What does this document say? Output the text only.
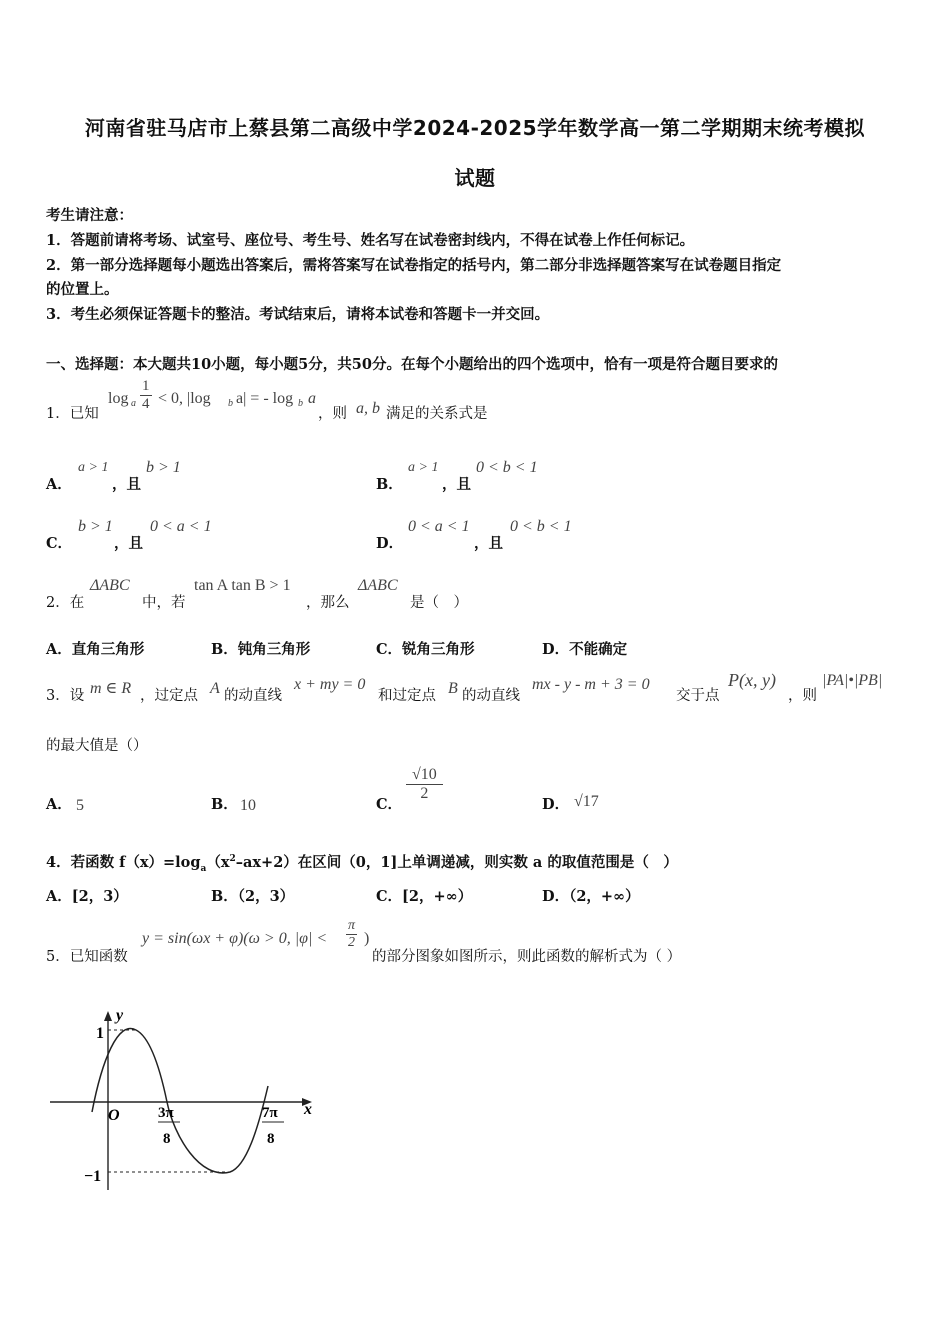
河南省驻马店市上蔡县第二高级中学2024-2025学年数学高一第二学期期末统考模拟
试题
考生请注意：
1．答题前请将考场、试室号、座位号、考生号、姓名写在试卷密封线内，不得在试卷上作任何标记。
2．第一部分选择题每小题选出答案后，需将答案写在试卷指定的括号内，第二部分非选择题答案写在试卷题目指定
的位置上。
3．考生必须保证答题卡的整洁。考试结束后，请将本试卷和答题卡一并交回。
一、选择题：本大题共10小题，每小题5分，共50分。在每个小题给出的四个选项中，恰有一项是符合题目要求的
1．已知
log a $\frac{1}{4} < 0$, |log b a| = - log b a
，则 a, b 满足的关系式是
A．
a > 1
，且
b > 1
B．
a > 1
，且
0 < b < 1
C．
b > 1
，且
0 < a < 1
D．
0 < a < 1
，且
0 < b < 1
2．在
ΔABC
中，若
tan A tan B > 1
，那么
ΔABC
是（　）
A．直角三角形	B．钝角三角形	C．锐角三角形	D．不能确定
3．设 m ∈ R ，过定点 A 的动直线
x + my = 0
和过定点 B 的动直线
mx - y - m + 3 = 0
交于点
P(x, y)
，则
|PA|•|PB|
的最大值是（）
A． 5	B． 10	C．
$\frac{√10}{2}$
D． √17
4．若函数 $f(x)=\log_a(x^2-ax+2)$在区间（0，1]上单调递减，则实数 a 的取值范围是（　）
A．[2，3）	B．（2，3）	C．[2，+∞）	D．（2，+∞）
5．已知函数
y = sin(ωx + φ)(ω > 0, $|\varphi| < \frac{\pi}{2}$ )
的部分图象如图所示，则此函数的解析式为（ ）
y
x
1
−1
O	3π
8
7π
8
